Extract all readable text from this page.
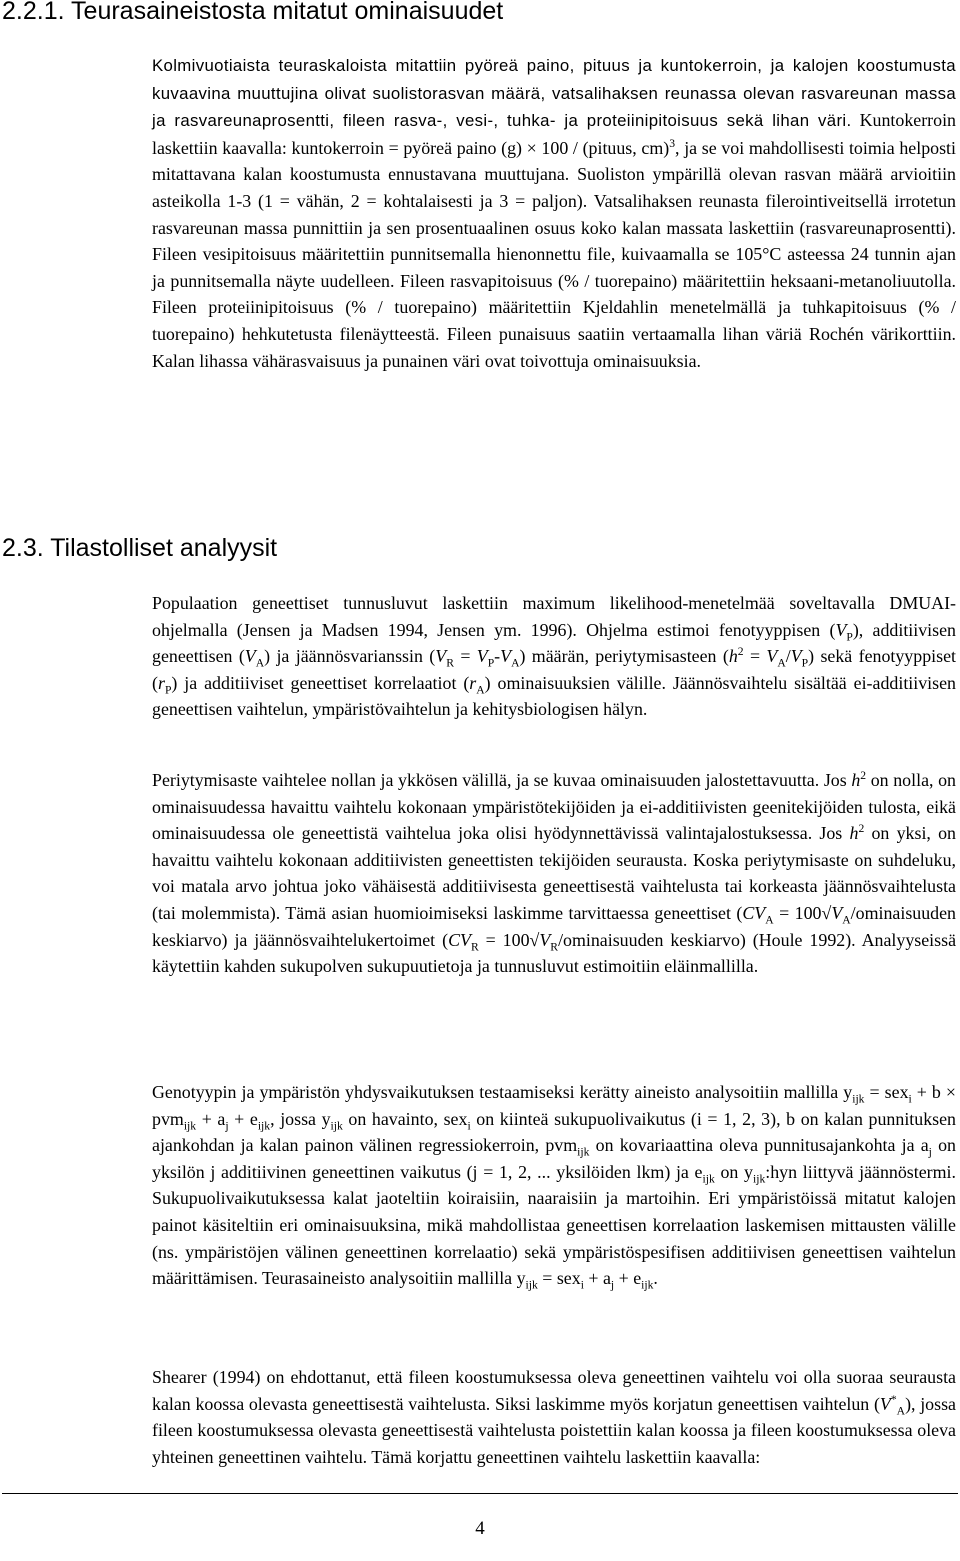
2.2.1. Teurasaineistosta mitatut ominaisuudet

Kolmivuotiaista teuraskaloista mitattiin pyöreä paino, pituus ja kuntokerroin, ja kalojen koostumusta kuvaavina muuttujina olivat suolistorasvan määrä, vatsalihaksen reunassa olevan rasvareunan massa ja rasvareunaprosentti, fileen rasva-, vesi-, tuhka- ja proteiinipitoisuus sekä lihan väri. Kuntokerroin laskettiin kaavalla: kuntokerroin = pyöreä paino (g) × 100 / (pituus, cm)$^3$, ja se voi mahdollisesti toimia helposti mitattavana kalan koostumusta ennustavana muuttujana. Suoliston ympärillä olevan rasvan määrä arvioitiin asteikolla 1-3 (1 = vähän, 2 = kohtalaisesti ja 3 = paljon). Vatsalihaksen reunasta filerointiveitsellä irrotetun rasvareunan massa punnittiin ja sen prosentuaalinen osuus koko kalan massata laskettiin (rasvareunaprosentti). Fileen vesipitoisuus määritettiin punnitsemalla hienonnettu file, kuivaamalla se 105°C asteessa 24 tunnin ajan ja punnitsemalla näyte uudelleen. Fileen rasvapitoisuus (% / tuorepaino) määritettiin heksaani-metanoliuutolla. Fileen proteiinipitoisuus (% / tuorepaino) määritettiin Kjeldahlin menetelmällä ja tuhkapitoisuus (% / tuorepaino) hehkutetusta filenäytteestä. Fileen punaisuus saatiin vertaamalla lihan väriä Rochén värikorttiin. Kalan lihassa vähärasvaisuus ja punainen väri ovat toivottuja ominaisuuksia.

2.3. Tilastolliset analyysit

Populaation geneettiset tunnusluvut laskettiin maximum likelihood-menetelmää soveltavalla DMUAI-ohjelmalla (Jensen ja Madsen 1994, Jensen ym. 1996). Ohjelma estimoi fenotyyppisen $(V_P)$, additiivisen geneettisen $(V_A)$ ja jäännösvarianssin $(V_R = V_P-V_A)$ määrän, periytymisasteen $(h^2 = V_A/V_P)$ sekä fenotyyppiset $(r_P)$ ja additiiviset geneettiset korrelaatiot $(r_A)$ ominaisuuksien välille. Jäännösvaihtelu sisältää ei-additiivisen geneettisen vaihtelun, ympäristövaihtelun ja kehitysbiologisen hälyn.

Periytymisaste vaihtelee nollan ja ykkösen välillä, ja se kuvaa ominaisuuden jalostettavuutta. Jos $h^2$ on nolla, on ominaisuudessa havaittu vaihtelu kokonaan ympäristötekijöiden ja ei-additiivisten geenitekijöiden tulosta, eikä ominaisuudessa ole geneettistä vaihtelua joka olisi hyödynnettävissä valintajalostuksessa. Jos $h^2$ on yksi, on havaittu vaihtelu kokonaan additiivisten geneettisten tekijöiden seurausta. Koska periytymisaste on suhdeluku, voi matala arvo johtua joko vähäisestä additiivisesta geneettisestä vaihtelusta tai korkeasta jäännösvaihtelusta (tai molemmista). Tämä asian huomioimiseksi laskimme tarvittaessa geneettiset ($CV_A$ = $100√V_A$/ominaisuuden keskiarvo) ja jäännösvaihtelukertoimet ($CV_R$ = $100√V_R$/ominaisuuden keskiarvo) (Houle 1992). Analyyseissä käytettiin kahden sukupolven sukupuutietoja ja tunnusluvut estimoitiin eläinmallilla.

Genotyypin ja ympäristön yhdysvaikutuksen testaamiseksi kerätty aineisto analysoitiin mallilla $y_{ijk} = sex_i + b \times pvm_{ijk} + a_j + e_{ijk}$, jossa $y_{ijk}$ on havainto, sex$_i$ on kiinteä sukupuolivaikutus (i = 1, 2, 3), b on kalan punnituksen ajankohdan ja kalan painon välinen regressiokerroin, pvm$_{ijk}$ on kovariaattina oleva punnitusajankohta ja $a_j$ on yksilön j additiivinen geneettinen vaikutus (j = 1, 2, ... yksilöiden lkm) ja $e_{ijk}$ on $y_{ijk}:hyn$ liittyvä jäännöstermi. Sukupuolivaikutuksessa kalat jaoteltiin koiraisiin, naaraisiin ja martoihin. Eri ympäristöissä mitatut kalojen painot käsiteltiin eri ominaisuuksina, mikä mahdollistaa geneettisen korrelaation laskemisen mittausten välille (ns. ympäristöjen välinen geneettinen korrelaatio) sekä ympäristöspesifisen additiivisen geneettisen vaihtelun määrittämisen. Teurasaineisto analysoitiin mallilla $y_{ijk} = sex_i + a_j + e_{ijk}$.

Shearer (1994) on ehdottanut, että fileen koostumuksessa oleva geneettinen vaihtelu voi olla suoraa seurausta kalan koossa olevasta geneettisestä vaihtelusta. Siksi laskimme myös korjatun geneettisen vaihtelun $(V^*_A)$, jossa fileen koostumuksessa olevasta geneettisestä vaihtelusta poistettiin kalan koossa ja fileen koostumuksessa oleva yhteinen geneettinen vaihtelu. Tämä korjattu geneettinen vaihtelu laskettiin kaavalla:

4
